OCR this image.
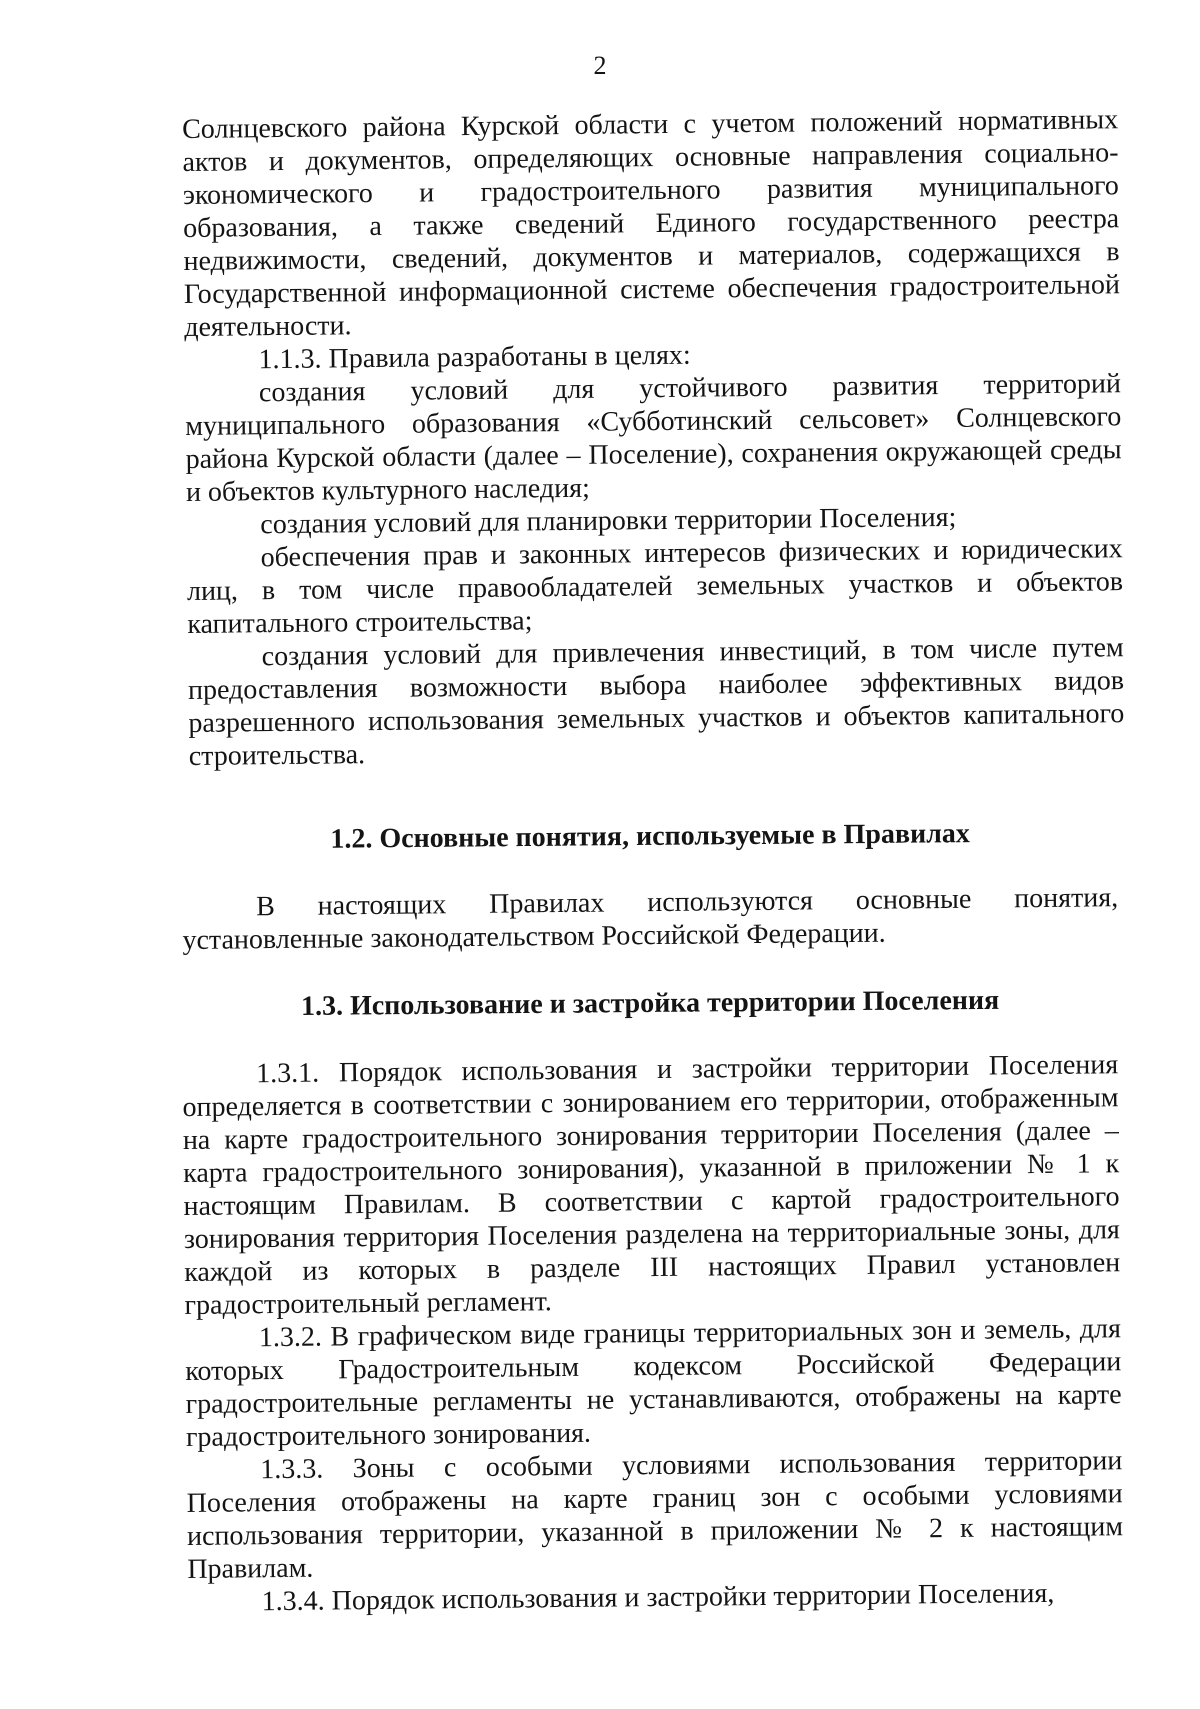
2

Солнцевского района Курской области с учетом положений нормативных актов и документов, определяющих основные направления социально-экономического и градостроительного развития муниципального образования, а также сведений Единого государственного реестра недвижимости, сведений, документов и материалов, содержащихся в Государственной информационной системе обеспечения градостроительной деятельности.

1.1.3. Правила разработаны в целях:

создания условий для устойчивого развития территорий муниципального образования «Субботинский сельсовет» Солнцевского района Курской области (далее – Поселение), сохранения окружающей среды и объектов культурного наследия;

создания условий для планировки территории Поселения;

обеспечения прав и законных интересов физических и юридических лиц, в том числе правообладателей земельных участков и объектов капитального строительства;

создания условий для привлечения инвестиций, в том числе путем предоставления возможности выбора наиболее эффективных видов разрешенного использования земельных участков и объектов капитального строительства.

1.2. Основные понятия, используемые в Правилах

В настоящих Правилах используются основные понятия, установленные законодательством Российской Федерации.

1.3. Использование и застройка территории Поселения

1.3.1. Порядок использования и застройки территории Поселения определяется в соответствии с зонированием его территории, отображенным на карте градостроительного зонирования территории Поселения (далее – карта градостроительного зонирования), указанной в приложении № 1 к настоящим Правилам. В соответствии с картой градостроительного зонирования территория Поселения разделена на территориальные зоны, для каждой из которых в разделе III настоящих Правил установлен градостроительный регламент.

1.3.2. В графическом виде границы территориальных зон и земель, для которых Градостроительным кодексом Российской Федерации градостроительные регламенты не устанавливаются, отображены на карте градостроительного зонирования.

1.3.3. Зоны с особыми условиями использования территории Поселения отображены на карте границ зон с особыми условиями использования территории, указанной в приложении № 2 к настоящим Правилам.

1.3.4. Порядок использования и застройки территории Поселения,
